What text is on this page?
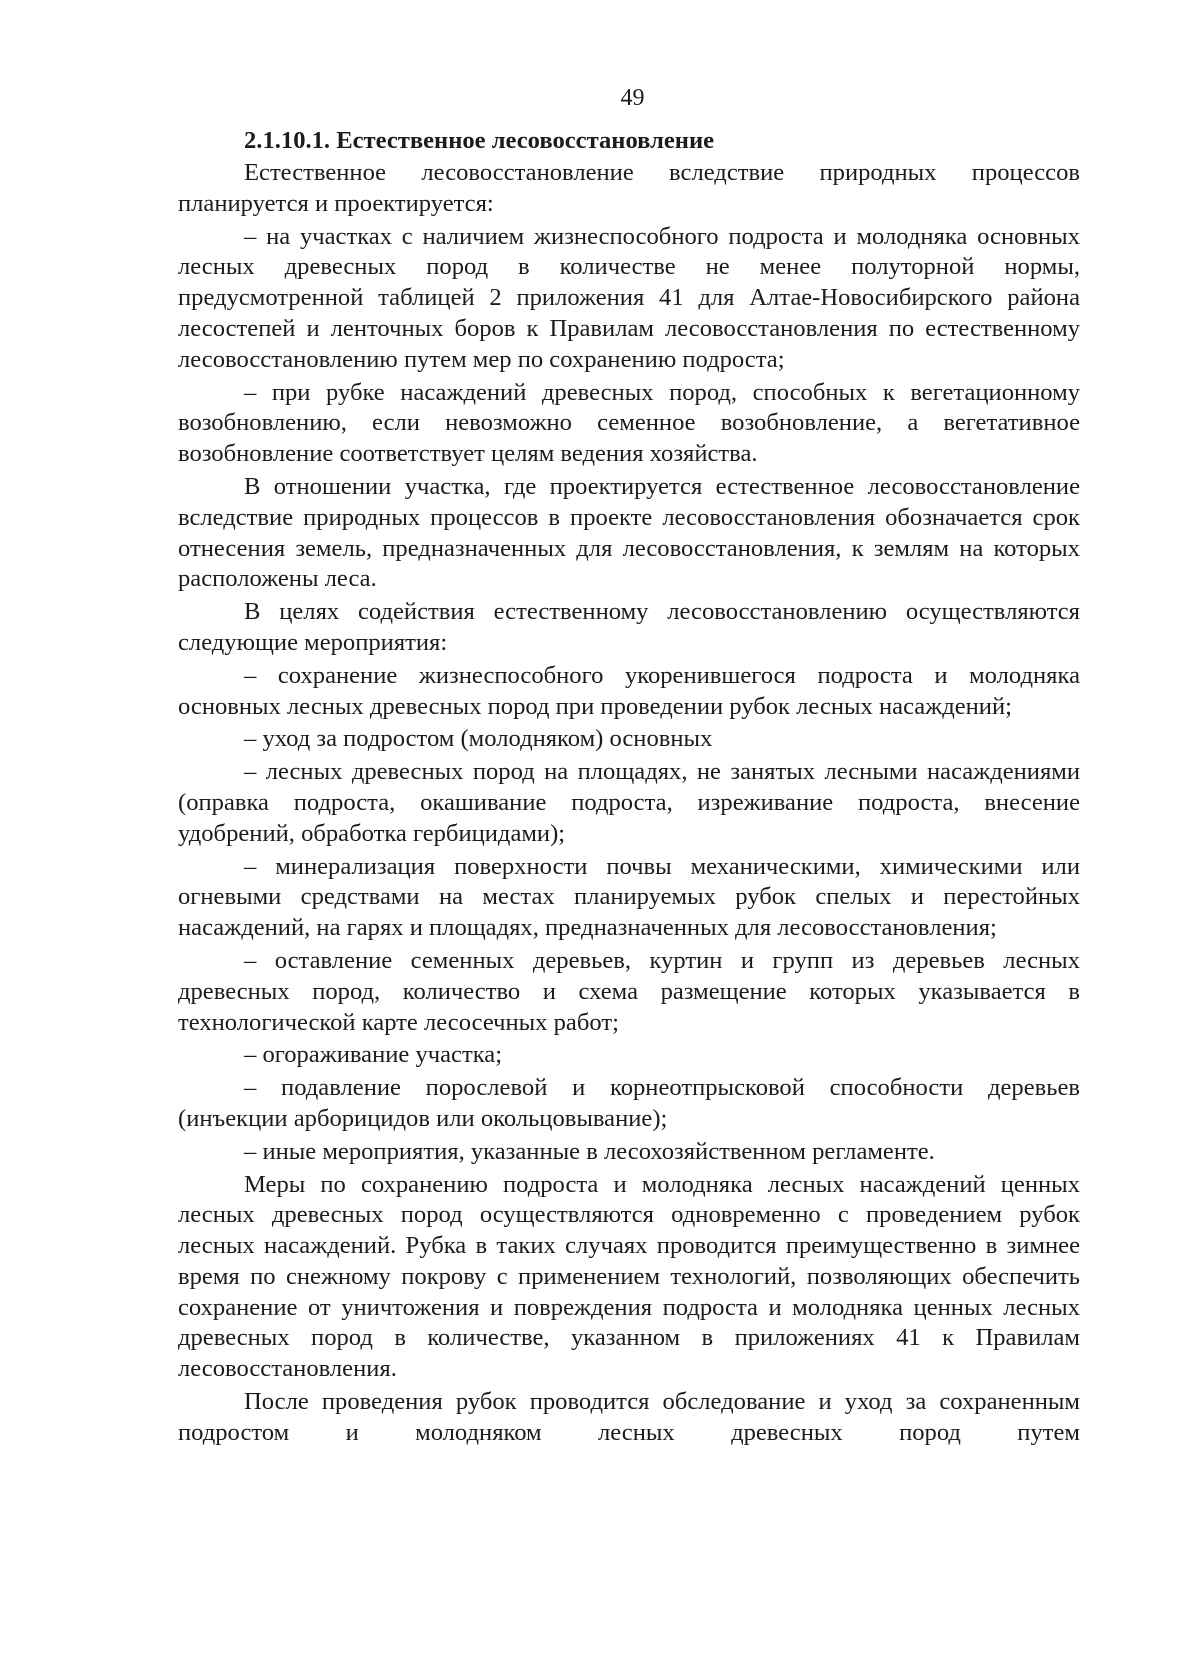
49
2.1.10.1. Естественное лесовосстановление

Естественное лесовосстановление вследствие природных процессов планируется и проектируется:

– на участках с наличием жизнеспособного подроста и молодняка основных лесных древесных пород в количестве не менее полуторной нормы, предусмотренной таблицей 2 приложения 41 для Алтае-Новосибирского района лесостепей и ленточных боров к Правилам лесовосстановления по естественному лесовосстановлению путем мер по сохранению подроста;

– при рубке насаждений древесных пород, способных к вегетационному возобновлению, если невозможно семенное возобновление, а вегетативное возобновление соответствует целям ведения хозяйства.

В отношении участка, где проектируется естественное лесовосстановление вследствие природных процессов в проекте лесовосстановления обозначается срок отнесения земель, предназначенных для лесовосстановления, к землям на которых расположены леса.

В целях содействия естественному лесовосстановлению осуществляются следующие мероприятия:

– сохранение жизнеспособного укоренившегося подроста и молодняка основных лесных древесных пород при проведении рубок лесных насаждений;

– уход за подростом (молодняком) основных

– лесных древесных пород на площадях, не занятых лесными насаждениями (оправка подроста, окашивание подроста, изреживание подроста, внесение удобрений, обработка гербицидами);

– минерализация поверхности почвы механическими, химическими или огневыми средствами на местах планируемых рубок спелых и перестойных насаждений, на гарях и площадях, предназначенных для лесовосстановления;

– оставление семенных деревьев, куртин и групп из деревьев лесных древесных пород, количество и схема размещение которых указывается в технологической карте лесосечных работ;

– огораживание участка;

– подавление порослевой и корнеотпрысковой способности деревьев (инъекции арборицидов или окольцовывание);

– иные мероприятия, указанные в лесохозяйственном регламенте.

Меры по сохранению подроста и молодняка лесных насаждений ценных лесных древесных пород осуществляются одновременно с проведением рубок лесных насаждений. Рубка в таких случаях проводится преимущественно в зимнее время по снежному покрову с применением технологий, позволяющих обеспечить сохранение от уничтожения и повреждения подроста и молодняка ценных лесных древесных пород в количестве, указанном в приложениях 41 к Правилам лесовосстановления.

После проведения рубок проводится обследование и уход за сохраненным подростом и молодняком лесных древесных пород путем
